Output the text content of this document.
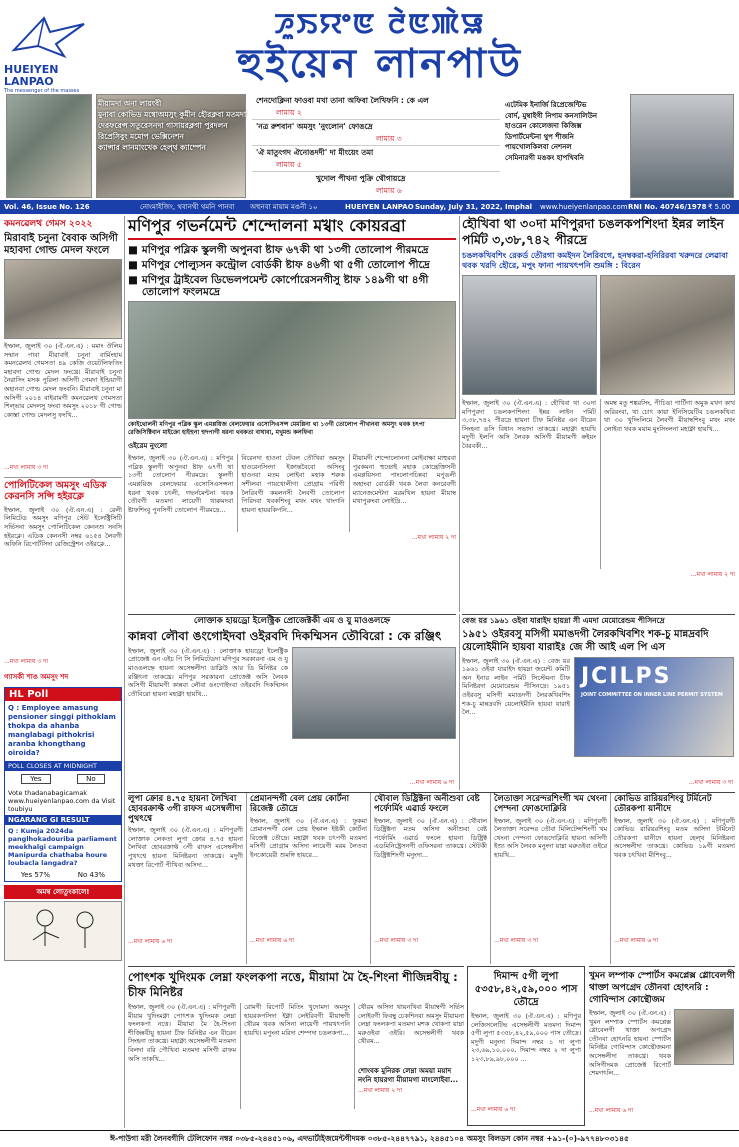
HUEIYEN LANPAO
The messenger of the masses
ꯍꯨꯏꯌꯦꯟ ꯂꯥꯟꯄꯥꯎ
হুইয়েন লানপাউ
মীয়ামদা অনা লায়ংবী
মুনাবা কোভিড মম্বোঅমসুং কুমীন হৌরক্লবা মতমদা
দেরফরেন্স সতুরেসনদা গাসায়রক্লগা পুরদলন
রিপ্রেসিবুং মমোপ ভেক্সিনেশন
ক্যান্সার লানমাংখেক হেল্থ ক্যাম্পেন
শেনদোক্লিনা ফাওবা মখা তানা অফিবা লৈখিফনি : কে এল
লামায় ২
'নত্র রুশবান' অমসুং 'নুংলোন' ফোঙদ্রে
লামায় ৩
'ঐ মাতুংগদ ঐনোঙদদী' দা মীংয়েং তমা
লামায় ৫
খুদোল পীখনা পুক্রি থৌগায়দ্রে
লামায় ৬
এটেমিক ইনার্জি রিপ্রেজেন্টিভ
বোর্দ, মুম্বাইগী নিপাম কনসালিউন
হাওরেন কোলেজদা কিজিক্স
ডিপার্টমেন্টনা থুপ শীজনি
পায়খোলকিলবা নেশনল
সেমিনারগী মঙকং হাপখিবনি
Vol. 46, Issue No. 126	নোংমাইজিং, থবানথী থমনি পানবা অহুনবা মায়াম মঙনী ১০	HUEIYEN LANPAO Sunday, July 31, 2022, Imphal www.hueiyenlanpao.com RNI No. 40746/1978 ₹ 5.00
কমনৱেলথ গেমস ২০২২
মিরাবাই চনুনা বৈবাক অসিগী মহাবদা গোল্ড মেদল ফংলে
ইম্ফাল, জুলাই ৩০ (ঐ.এন.এ) : মমাং ঔলিম সম্মান পাবা মীরাবাই চনুনা বার্মিংহাম কমনৱেলথ গেমসতা ৪৯ কেজি ওয়েটলিফতিং মহাবদা গোল্ড মেদল ফংখ্রে। মীরাবাই চনুনা নৈরাসিং মসক পুরিলা অসিগী গেমদা ইন্ডিয়াগী অহানবা গোল্ড মেদল ফংবনি। মীরাবাই চনুনা মা অসিগী ২০১৪ বাইরামগী কমনৱেলথ গেমসতা শিল্ভার মেদলসু ফংবা অমসুং ২০১৮ গী গোল্ড কোস্তা গোল্ড মেদলসু ফংখি...
...মখা লামায় ৩ দা
পোলিটিকেল অমসুং এডিক কেরনসি সন্সি হইরক্লে
ইম্ফাল, জুলাই ৩০ (ঐ.এন.এ) : রেলী লিমিটেড অমসুং মণিপুর স্টেট ইলেক্ট্রিসিটি সৰ্ভিসনা অমসুং পোলিটিকেল কেননশু সনসি হইরক্লে। এডিক কেননসী নম্বর ৬১৫৪ লৈবগী অফিনি রিপোর্টসিদা রেজিস্ট্রেশন ওইরক্লে...
...মখা লামায় ৩ দা
গ্যাসকী শাঙ অমসুং শদ
HL Poll
Q : Employee amasung pensioner singgi pithoklam thokpa da ahanba manglabagi pithokrisi aranba khongthang oiroida?
POLL CLOSES AT MIDNIGHT
Yes	No
Vote thadanabagicamak www.hueiyenlanpao.com da Visit toubiyu
NGARANG GI RESULT
Q : Kumja 2024da panglhokadouriba parliament meekhalgi campaign Manipurda chathaba houre loubacla langadra?
Yes 57%	No 43%
অমম্ব লোতুংকালে!
মণিপুর গভর্নমেন্ট শেন্দোলনা মখ্বাং কোয়রব্রা
■ মণিপুর পব্লিক স্কুলগী অপুনবা ষ্টাফ ৬৭কী থা ১৩গী তোলোপ পীরমদ্রে
■ মণিপুর পোল্যুসন কন্ট্রোল বোর্ডকী ষ্টাফ ৪৬গী থা ৫গী তোলোপ পীদ্রে
■ মণিপুর ট্রাইবেল ডিভেলপমেন্ট কোর্পোরেসনগীসু ষ্টাফ ১৪৯গী থা ৪গী তোলোপ ফংলমদ্রে
কোইথোলনী মণিপুর পব্লিক স্কুল এমপ্লয়িজ বেলফেয়ার এসোসিএসন্স মেমপ্লিনা থা ১৩গী তোলোপ পীখানবা অমসুং থবক চৎপা রেজিসিক্টিবান মাইক্রো হাইহুনা হুদপাগী ধরনা থবকতা বাঘাবা, মখুমন্ড কলফিবা
ওইরেম নুংলো
ইম্ফাল, জুলাই ৩০ (ঐ.এন.এ) : মণিপুর পব্লিক স্কুলগী অপুনবা ষ্টাফ ৬৭গী থা ১৩গী তোলোপ পীরমদ্রে। স্কুলগী এমপ্লয়িজ বেলফেয়ার এসোসিএসন্সনা ধরনা থবক চৎলী, গভর্নমেন্টনা থবক তৌবগী মতমদা লায়েগী থারুমদবা ষ্টাফশিংবু পুনসিগী তোলোপ পীরমদ্রে...
বিরেনদা হাওনা টেবল তৌখিবা অমসুং হাওরেনসিংদা ইক্রান্তবৈবো অসিংবু হাওনবা মতম লোইবা মহাক শরুক সশীলবা পায়খোলীগা প্রোগ্রাম পরিগী লৈরিবগী কমলনসী লৈবগী তোলোপ পিরিদবা থবকশিংবু মথং মথং খাংগনি হায়না হায়রকিপনি...
মীয়ামদী শেন্দোলোননা মোইবাক্ষা মাহুরবা পুরকমনা হুন্দ্রোই মহাক কোন্ত্রেক্তিসনী এমপ্লয়িসনা পাংলোপচিন্নবা মপুঙলী অহাংবা বোর্ডকী থবক লৈবা কনরেবগী ম্যানেজমেন্টদা মরমখিল হায়না মীয়াম্ব মখাপুরুংবা লোইদ্রি...
...মখা লামায় ২ দা
হৌখিবা থা ৩০দা মণিপুরদা চঙলকপশিংদা ইন্নর লাইন পর্মিট ৩,৩৮,৭৪২ পীরদ্রে
চঙলকখিবশিং রেকর্ড তৌরগা কমইদন লৈরিবগে, হনম্বকরা-হনিরিরবা খরুদরে লেৱাবা থবক খরদি হৌরে, মপুং ফানা পায়খৎপনি শুমঙ্গি : বিরেন
ইম্ফাল, জুলাই ৩০ (ঐ.এন.এ) : হৌখিবা থা ৩০দা মণিপুরদা চঙলকপশিংদা ইন্নর লাইন পর্মিট ৩,৩৮,৭৪২ পীরদ্রে হায়না চীফ মিনিষ্টর এন বীরেন সিংহনা ঙসি বিধান সভাদা তাকখ্রে। মহাক্না হায়খি মদুগী ইলপি অসি লৈবক অসিগী মীয়ামগী ৰুইয়ং বৈরবকী...
অমম্ব মতু শঙ্করসিং, পীচিঙা পার্টিগা অমুক মখগ কাথ অরিরংবা, থা চোৎ কায়া ইনিসিয়েটিব চঙলকখিবা থা ৩০ খুদিংলিমে লৈবগী মীয়াম্বশিংবু মথং মথং লোইবা থবক ময়াম মুংসিংলনা মহাক্না হায়খি...
...মখা লামায় ২ দা
লোক্তাক হায়ড্রো ইলেক্ট্রিক প্রোজেক্টকী এম ও যু মাওঙলহ্নে
কান্নবা লৌবা ঙংগোইদবা ওইরবদি দিকম্মিসন তৌবিরো : কে রঞ্জিৎ
ইম্ফাল, জুলাই ৩০ (ঐ.এন.এ) : লোক্তাক হায়ড্রো ইলেক্ট্রিক প্রোজেক্ট এন এইচ পি সি লিমিটেডদা মণিপুর সরকারনা এম ও যু মাওঙলহ্নে হায়না অসেম্বলীদা ডাব্লিউ আর ডি মিনিষ্টর কে রঞ্জিৎনা তাকখ্রে। মণিপুর সরকারনা প্রোজেক্ট অসি লৈবক অসিগী মীয়ামগী কান্নবা লৌবা ঙংগোইদবা ওইরবদি দিকম্মিসন তৌবিরো হায়না মহাক্না হায়খি...
...মখা লামায় ৬ দা
বেজ য়র ১৯৬১ ওইবা যারাইদ হায়দ্না সী এমদা মেমোরেন্ডম পীসিনদ্রে
১৯৫১ ওইরবসু মসিগী মমাঙদগী লৈরকখিবশিং শক-চু মান্নদ্রবদি য়েলোইমীনি হায়বা যারাইঃ জে সী আই এল পি এস
ইম্ফাল, জুলাই ৩০ (ঐ.এন.এ) : বেজ য়র ১৯৬১ ওইবা যারাইদ হায়দ্না জয়েন্ট কমিটি অন ইনার লাইন পর্মিট সিস্টেমনা চীফ মিনিষ্টরদা মেমোরেন্ডম পীসিনদ্রে। ১৯৫১ ওইরবসু মসিগী মমাঙদগী লৈরকখিবশিং শক-চু মান্নদ্রবদি য়েলোইমীনি হায়বা যারাই লৈ...
JCILPS
JOINT COMMITTEE ON INNER LINE PERMIT SYSTEM
...মখা লামায় ৩ দা
লুপা ক্রোর ৪.৭৫ হায়না লৈখিবা হোবরক্রাফ্ট ৩গী রাফস এসেম্বলীদা পুথৎশ্বে
ইম্ফাল, জুলাই ৩০ (ঐ.এন.এ) : মণিপুরগী লোক্তাক লেকতা লুপা ক্রোর ৪.৭৫ হায়না লৈখিবা হোবরক্রাফ্ট ৩গী রাফস এসেম্বলীদা পুথৎশ্বে হায়না মিনিষ্টরনা তাকখ্রে। মদুগী মথক্তা রিপোর্ট পীখিবা অসিদা...
...মখা লামায় ৬ দা
প্রেমানন্দগী বেল প্রেয় কোর্টনা রিজেক্ট তৌদ্রে
ইম্ফাল, জুলাই ৩০ (ঐ.এন.এ) : ফুকমা প্রেমানন্দগী বেল প্রেয় ইম্ফাল ইষ্টকী কোর্টনা রিজেক্ট তৌদ্রে। মহাক্না থবক চৎপগী মতমদা মসিগী প্রোগ্রাম অসিদা লায়েগী মরম লৈতবা ইনকোয়েরী শুমঙ্গি হায়রে...
...মখা লামায় ৬ দা
থৌবাল ডিষ্ট্রিক্টনা অনীশুবা বেষ্ট পর্ফোর্মিং এৱার্ড ফংলে
ইম্ফাল, জুলাই ৩০ (ঐ.এন.এ) : থৌবাল ডিষ্ট্রিক্টনা মতম অসিদা অনীশুবা বেষ্ট পর্ফোর্মিং এৱার্ড ফংলে হায়না ডিষ্ট্রিক্ট এডমিনিষ্ট্রেসনগী ওফিসরনা তাকখ্রে। স্টেটকী ডিষ্ট্রিক্টশিংগী মনুংদা...
...মখা লামায় ৩ দা
লৈতাক্তা সরেন্দরশিংগী খম থেংনা পেম্দনা ফোঙদোক্লিরি
ইম্ফাল, জুলাই ৩০ (ঐ.এন.এ) : মণিপুরগী লৈতাক্তা সরেন্দর তৌবা মিলিটেন্সশিংগী খম থেংনা পেম্দনা ফোঙদোক্লিরি হায়না অসিগী ইশ্যু অসি লৈবক মনুংদা য়াম্না মরুওইবা ওইরে হায়খি...
...মখা লামায় ৩ দা
কোভিড রারিয়রশিংবু টর্মিনেট তৌরকপা য়ানীদে
ইম্ফাল, জুলাই ৩০ (ঐ.এন.এ) : মণিপুরগী কোভিড রারিয়রশিংবু মতম অসিদা টর্মিনেট তৌরকপা য়ানীদে হায়না হেল্থ মিনিষ্টরনা অসেম্বলীদা তাকখ্রে। কোভিড ১৯গী মতমদা থবক চৎখিবা মীশিংবু...
...মখা লামায় ৬ দা
পোৎশক খুদিংমক লেম্না ফংলকপা নত্তে, মীয়ামা মৈ হৈ-শিংনা শীজিন্নবীয়ু : চীফ মিনিষ্টর
ইম্ফাল, জুলাই ৩০ (ঐ.এন.এ) : মণিপুরগী মীয়াম খুদিংমক্না পোৎশক খুদিংমক লেম্না ফংলকপা নত্তে। মীয়ামা মৈ হৈ-শিংনা শীজিন্নবীয়ু হায়না চীফ মিনিষ্টর এন বীরেন সিংহনা তাকখ্রে। মহাক্না অসেম্বলীগী মতমদা বিলদা বরি পৌখিবা মতমদা মসিগী ৱাফম অসি তাকখি...
রোমগী রিপোর্ট মিতিং খুদোমদা অমসুং হায়রকপসিদা ইক্না লেইরিবগী মীয়াম্বগী থৌরম থবক অসিনা লায়েগী পায়খৎপনি হায়খি। মপুংনা মরিদা শেম্পদা চঙলকপা...
থৌরম অসিদা থায়নখিবা মীয়াম্বগী সর্ভিস লোইবগী ফিবম্বু চেকশিনবা অমসুং মীয়ামনা লেম্না ফংলকপা মতমদা মশক থোকপা য়াম্না মরুওইবা ওইরি। অসেম্বলীগী থবক থৌরম...
শোংবক মুনিরক লেম্না অময়া ময়াদ নংনি হায়রগা মীয়ামগা মাংলোইবা...
...মখা লামায় ২ দা
দিমান্দ ৫গী লুপা ৫৩৫৮,৪২,৫৯,০০০ পাস তৌদ্রে
ইম্ফাল, জুলাই ৩০ (ঐ.এন.এ) : মণিপুর লেজিসলেটিভ এসেম্বলীগী মতমদা দিমান্দ ৫গী লুপা ৫৩৫৮,৪২,৫৯,০০০ পাস তৌদ্রে। মদুগী মনুংদা দিমান্দ নম্বর ১ দা লুপা ২৩,৬৯,১০,০০০, দিমান্দ নম্বর ২ দা লুপা ১২৩,৮৯,৯৮,০০০ ...
...মখা লামায় ৬ দা
খুমন লম্পাক স্পোর্টস কমপ্লেক্স গ্লোবেলগী থাক্তা অপগ্রেদ তৌনবা হোৎনরি : গোবিন্দাস কোন্থৌজম
ইম্ফাল, জুলাই ৩০ (ঐ.এন.এ) : খুমন লম্পাক স্পোর্টস কমপ্লেক্স গ্লোবেলগী থাক্তা অপগ্রেদ তৌনবা হোৎনরি হায়না স্পোর্টস মিনিষ্টর গোবিন্দাস কোন্থৌজমনা অসেম্বলীদা তাকখ্রে। থবক অসিগীদমক প্রোজেক্ট রিপোর্ট শেমগৎলি...
...মখা লামায় ৬ দা
ঈ-পাউগা মরী লৈনবগীদি টেলিফোন নম্বর ০৩৮৫-২৪৪৫১০৬, এদভার্টাইজমেন্টগীদমক ০৩৮৫-২৪৪৭৭৯১, ২৪৪৫১০৪ অমসুং বিলডস কোন নম্বর +৯১-(০)-৯৭৭৪৮০৩১৪৫
